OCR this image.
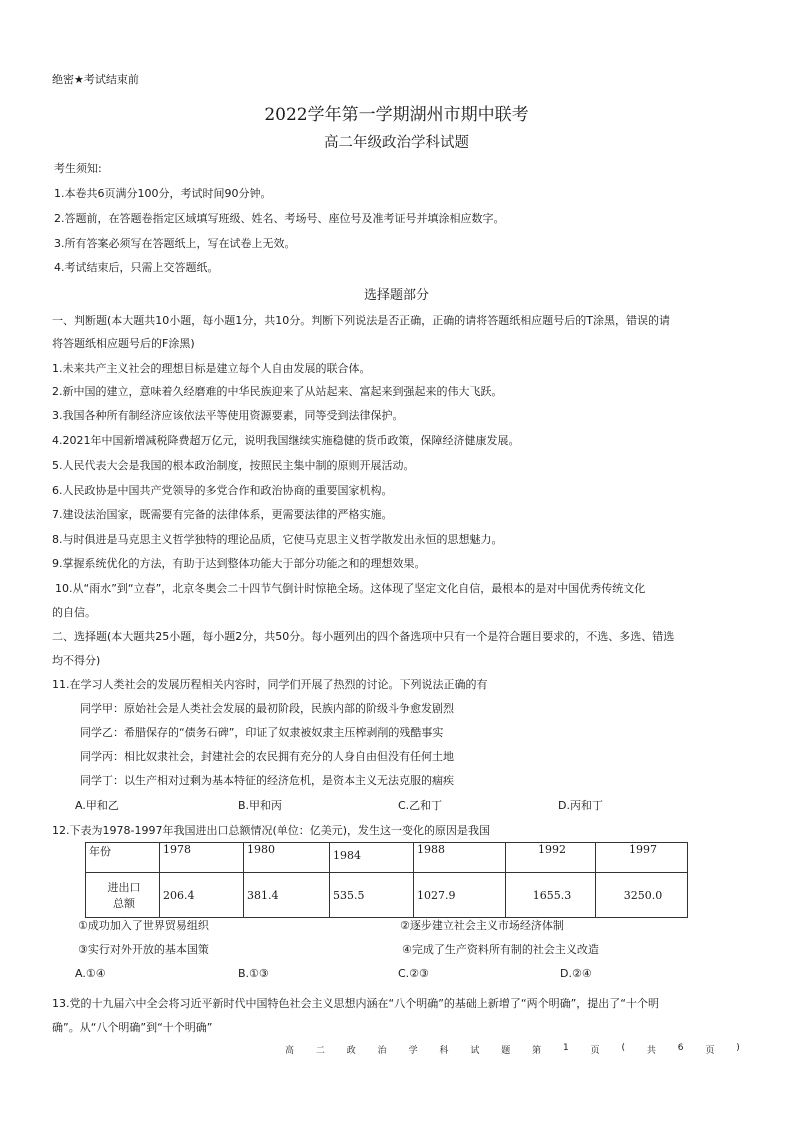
绝密★考试结束前
2022学年第一学期湖州市期中联考
高二年级政治学科试题
考生须知:
1.本卷共6页满分100分，考试时间90分钟。
2.答题前，在答题卷指定区域填写班级、姓名、考场号、座位号及准考证号并填涂相应数字。
3.所有答案必须写在答题纸上，写在试卷上无效。
4.考试结束后，只需上交答题纸。
选择题部分
一、判断题(本大题共10小题，每小题1分，共10分。判断下列说法是否正确，正确的请将答题纸相应题号后的T涂黑，错误的请
将答题纸相应题号后的F涂黑)
1.未来共产主义社会的理想目标是建立每个人自由发展的联合体。
2.新中国的建立，意味着久经磨难的中华民族迎来了从站起来、富起来到强起来的伟大飞跃。
3.我国各种所有制经济应该依法平等使用资源要素，同等受到法律保护。
4.2021年中国新增减税降费超万亿元，说明我国继续实施稳健的货币政策，保障经济健康发展。
5.人民代表大会是我国的根本政治制度，按照民主集中制的原则开展活动。
6.人民政协是中国共产党领导的多党合作和政治协商的重要国家机构。
7.建设法治国家，既需要有完备的法律体系，更需要法律的严格实施。
8.与时俱进是马克思主义哲学独特的理论品质，它使马克思主义哲学散发出永恒的思想魅力。
9.掌握系统优化的方法，有助于达到整体功能大于部分功能之和的理想效果。
10.从“雨水”到“立春”，北京冬奥会二十四节气倒计时惊艳全场。这体现了坚定文化自信，最根本的是对中国优秀传统文化
的自信。
二、选择题(本大题共25小题，每小题2分，共50分。每小题列出的四个备选项中只有一个是符合题目要求的，不选、多选、错选
均不得分)
11.在学习人类社会的发展历程相关内容时，同学们开展了热烈的讨论。下列说法正确的有
同学甲：原始社会是人类社会发展的最初阶段，民族内部的阶级斗争愈发剧烈
同学乙：希腊保存的“债务石碑”，印证了奴隶被奴隶主压榨剥削的残酷事实
同学丙：相比奴隶社会，封建社会的农民拥有充分的人身自由但没有任何土地
同学丁：以生产相对过剩为基本特征的经济危机，是资本主义无法克服的痼疾
A.甲和乙	B.甲和丙	C.乙和丁	D.丙和丁
12.下表为1978-1997年我国进出口总额情况(单位：亿美元)，发生这一变化的原因是我国
年份	1978	1980	1984	1988	1992	1997

进出口
总额	206.4	381.4	535.5	1027.9	1655.3	3250.0
①成功加入了世界贸易组织	②逐步建立社会主义市场经济体制
③实行对外开放的基本国策	④完成了生产资料所有制的社会主义改造
A.①④	B.①③	C.②③	D.②④
13.党的十九届六中全会将习近平新时代中国特色社会主义思想内涵在“八个明确”的基础上新增了“两个明确”，提出了“十个明
确”。从“八个明确”到“十个明确”
高 二 政 治 学 科 试 题 第 1 页 ( 共 6 页 )
